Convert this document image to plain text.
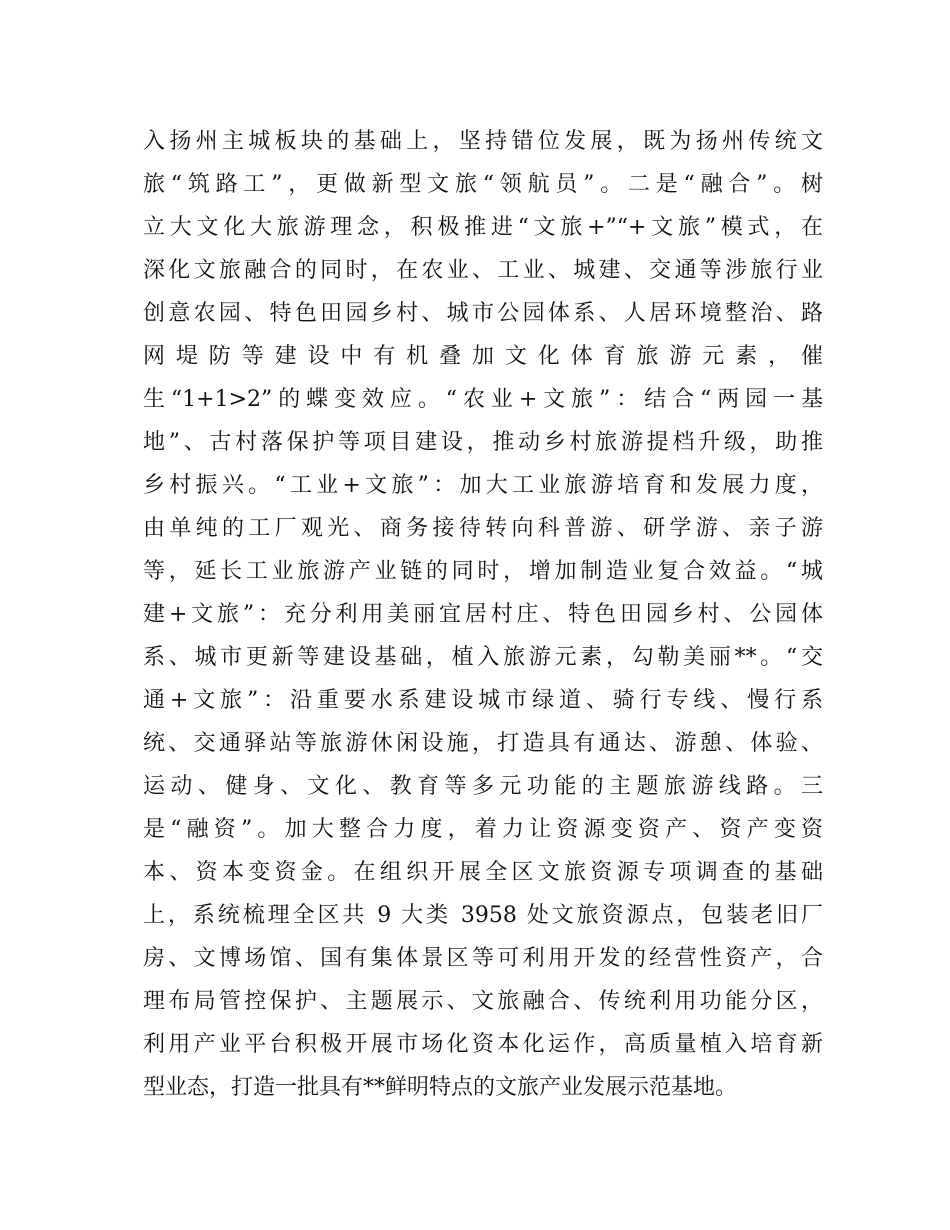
入扬州主城板块的基础上，坚持错位发展，既为扬州传统文
旅“筑路工”，更做新型文旅“领航员”。二是“融合”。树
立大文化大旅游理念，积极推进“文旅+”“+文旅”模式，在
深化文旅融合的同时，在农业、工业、城建、交通等涉旅行业
创意农园、特色田园乡村、城市公园体系、人居环境整治、路
网堤防等建设中有机叠加文化体育旅游元素，催
生“1+1>2”的蝶变效应。“农业+文旅”：结合“两园一基
地”、古村落保护等项目建设，推动乡村旅游提档升级，助推
乡村振兴。“工业+文旅”：加大工业旅游培育和发展力度，
由单纯的工厂观光、商务接待转向科普游、研学游、亲子游
等，延长工业旅游产业链的同时，增加制造业复合效益。“城
建+文旅”：充分利用美丽宜居村庄、特色田园乡村、公园体
系、城市更新等建设基础，植入旅游元素，勾勒美丽**。“交
通+文旅”：沿重要水系建设城市绿道、骑行专线、慢行系
统、交通驿站等旅游休闲设施，打造具有通达、游憩、体验、
运动、健身、文化、教育等多元功能的主题旅游线路。三
是“融资”。加大整合力度，着力让资源变资产、资产变资
本、资本变资金。在组织开展全区文旅资源专项调查的基础
上，系统梳理全区共 9 大类 3958 处文旅资源点，包装老旧厂
房、文博场馆、国有集体景区等可利用开发的经营性资产，合
理布局管控保护、主题展示、文旅融合、传统利用功能分区，
利用产业平台积极开展市场化资本化运作，高质量植入培育新
型业态，打造一批具有**鲜明特点的文旅产业发展示范基地。
